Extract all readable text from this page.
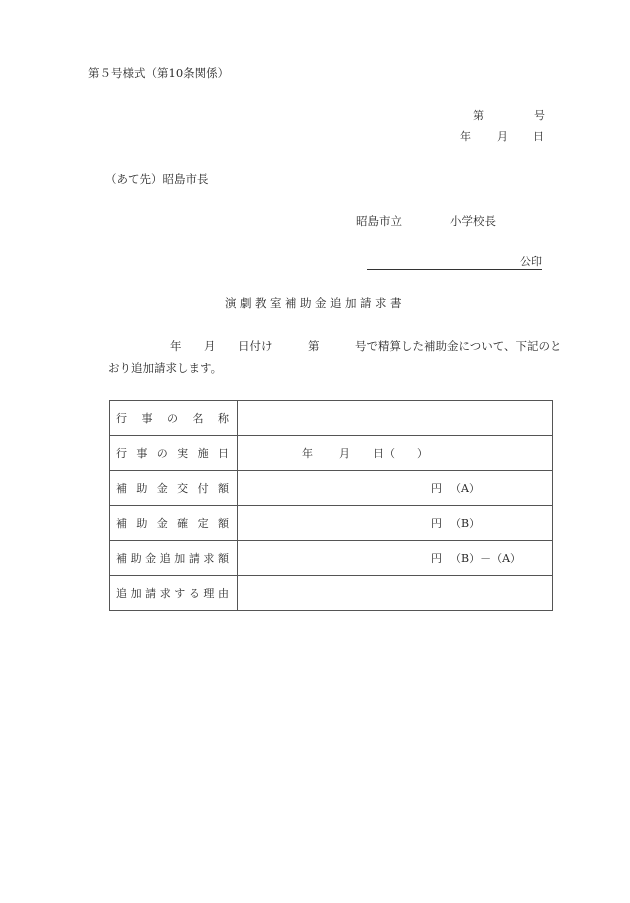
第５号様式（第10条関係）
第	号
年 月 日
（あて先）昭島市長
昭島市立	小学校長
公印
演劇教室補助金追加請求書
年 月 日付け	第	号で精算した補助金について、下記のと
おり追加請求します。
行 事 の 名 称	

行 事 の 実 施 日	年 月 日（ ）

補 助 金 交 付 額	円 （A）

補 助 金 確 定 額	円 （B）

補 助 金 追 加 請 求 額	円 （B）－（A）

追 加 請 求 す る 理 由
